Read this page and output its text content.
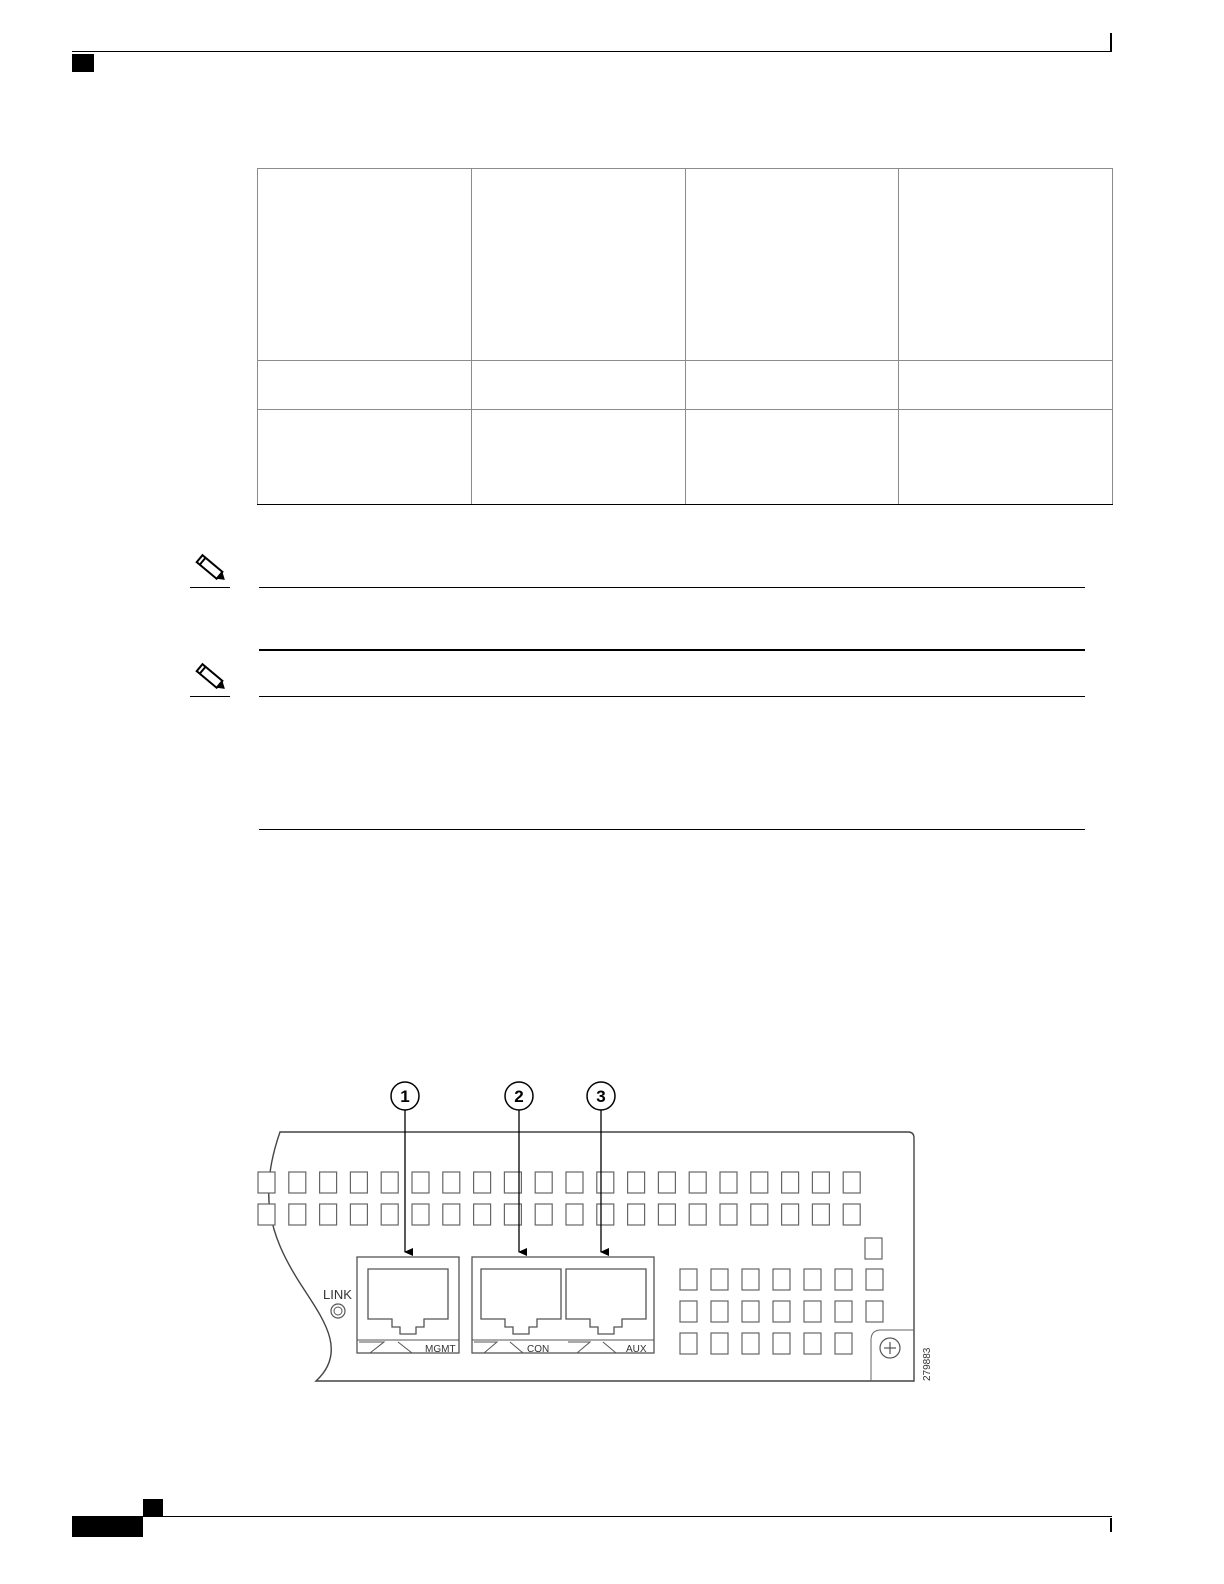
LINK
MGMT	CON	AUX
1	2	3
279883
